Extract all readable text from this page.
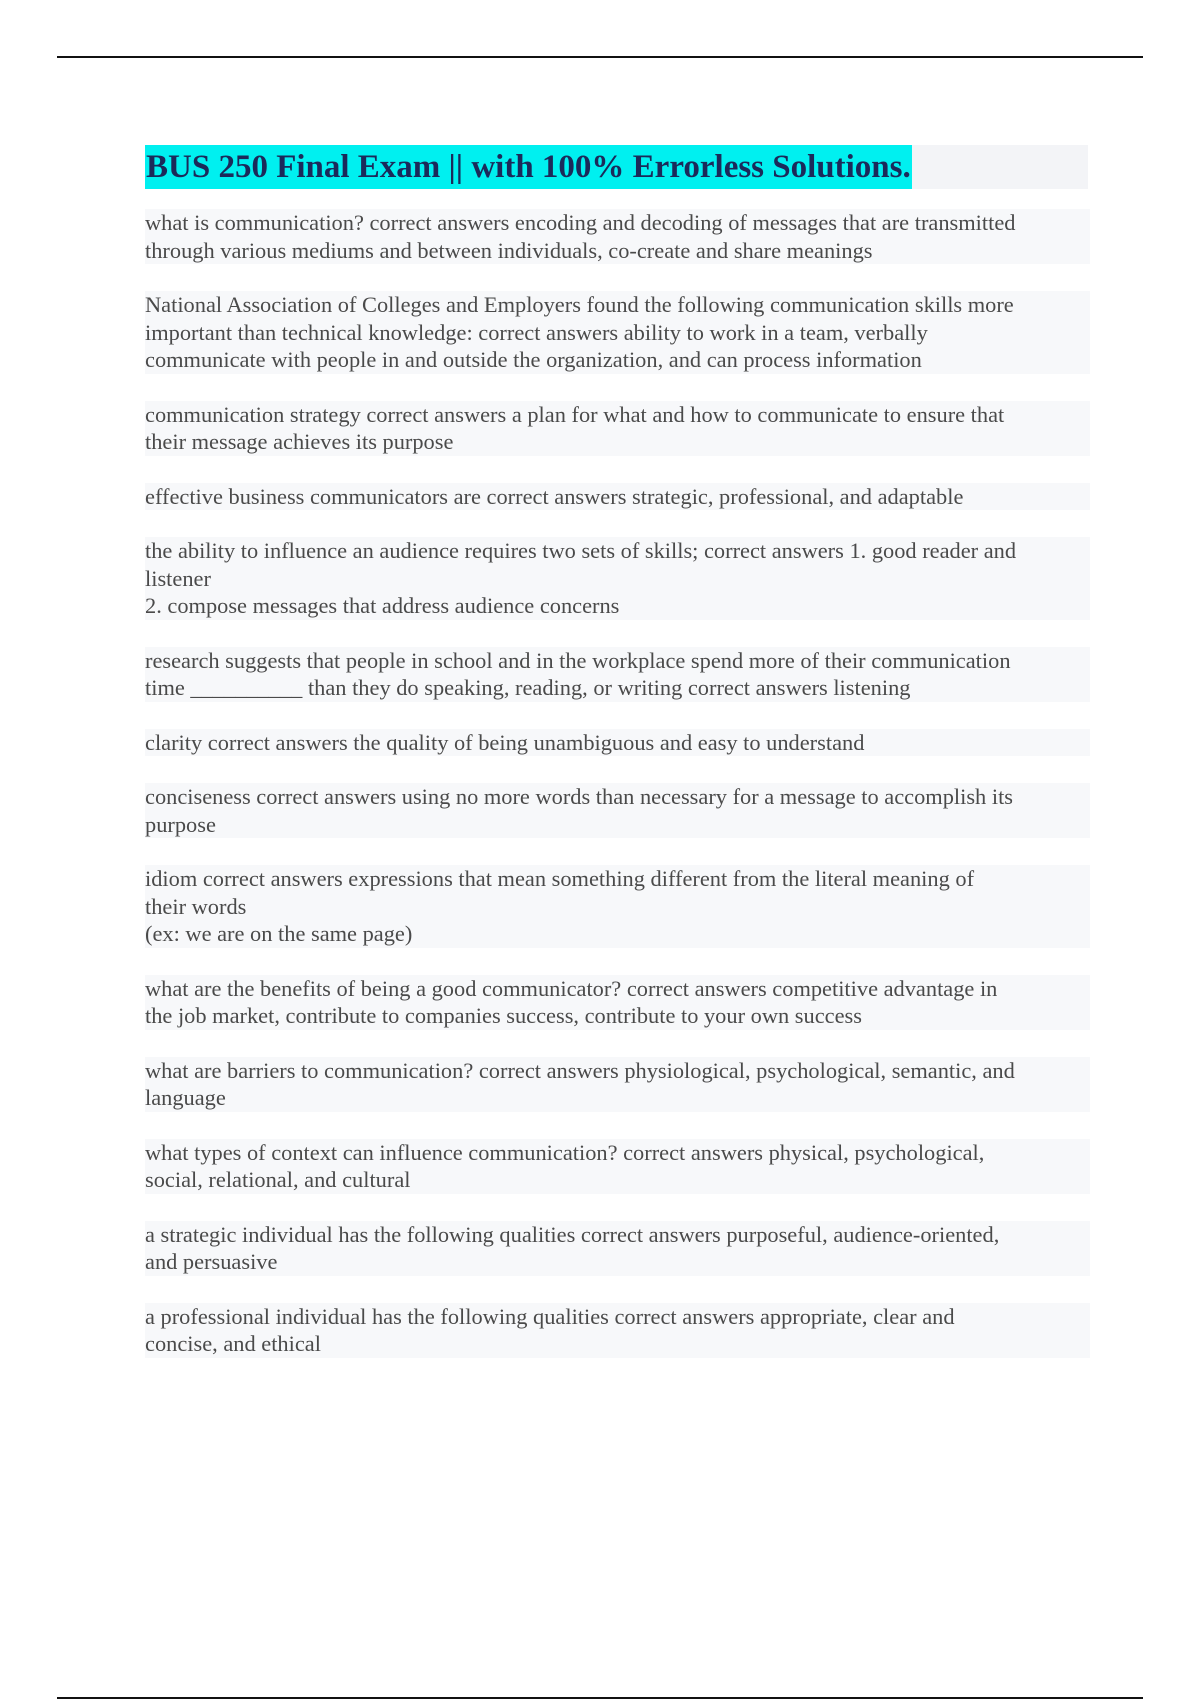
BUS 250 Final Exam || with 100% Errorless Solutions.

what is communication? correct answers encoding and decoding of messages that are transmitted
through various mediums and between individuals, co-create and share meanings

National Association of Colleges and Employers found the following communication skills more
important than technical knowledge: correct answers ability to work in a team, verbally
communicate with people in and outside the organization, and can process information

communication strategy correct answers a plan for what and how to communicate to ensure that
their message achieves its purpose

effective business communicators are correct answers strategic, professional, and adaptable

the ability to influence an audience requires two sets of skills; correct answers 1. good reader and
listener
2. compose messages that address audience concerns

research suggests that people in school and in the workplace spend more of their communication
time __________ than they do speaking, reading, or writing correct answers listening

clarity correct answers the quality of being unambiguous and easy to understand

conciseness correct answers using no more words than necessary for a message to accomplish its
purpose

idiom correct answers expressions that mean something different from the literal meaning of
their words
(ex: we are on the same page)

what are the benefits of being a good communicator? correct answers competitive advantage in
the job market, contribute to companies success, contribute to your own success

what are barriers to communication? correct answers physiological, psychological, semantic, and
language

what types of context can influence communication? correct answers physical, psychological,
social, relational, and cultural

a strategic individual has the following qualities correct answers purposeful, audience-oriented,
and persuasive

a professional individual has the following qualities correct answers appropriate, clear and
concise, and ethical
